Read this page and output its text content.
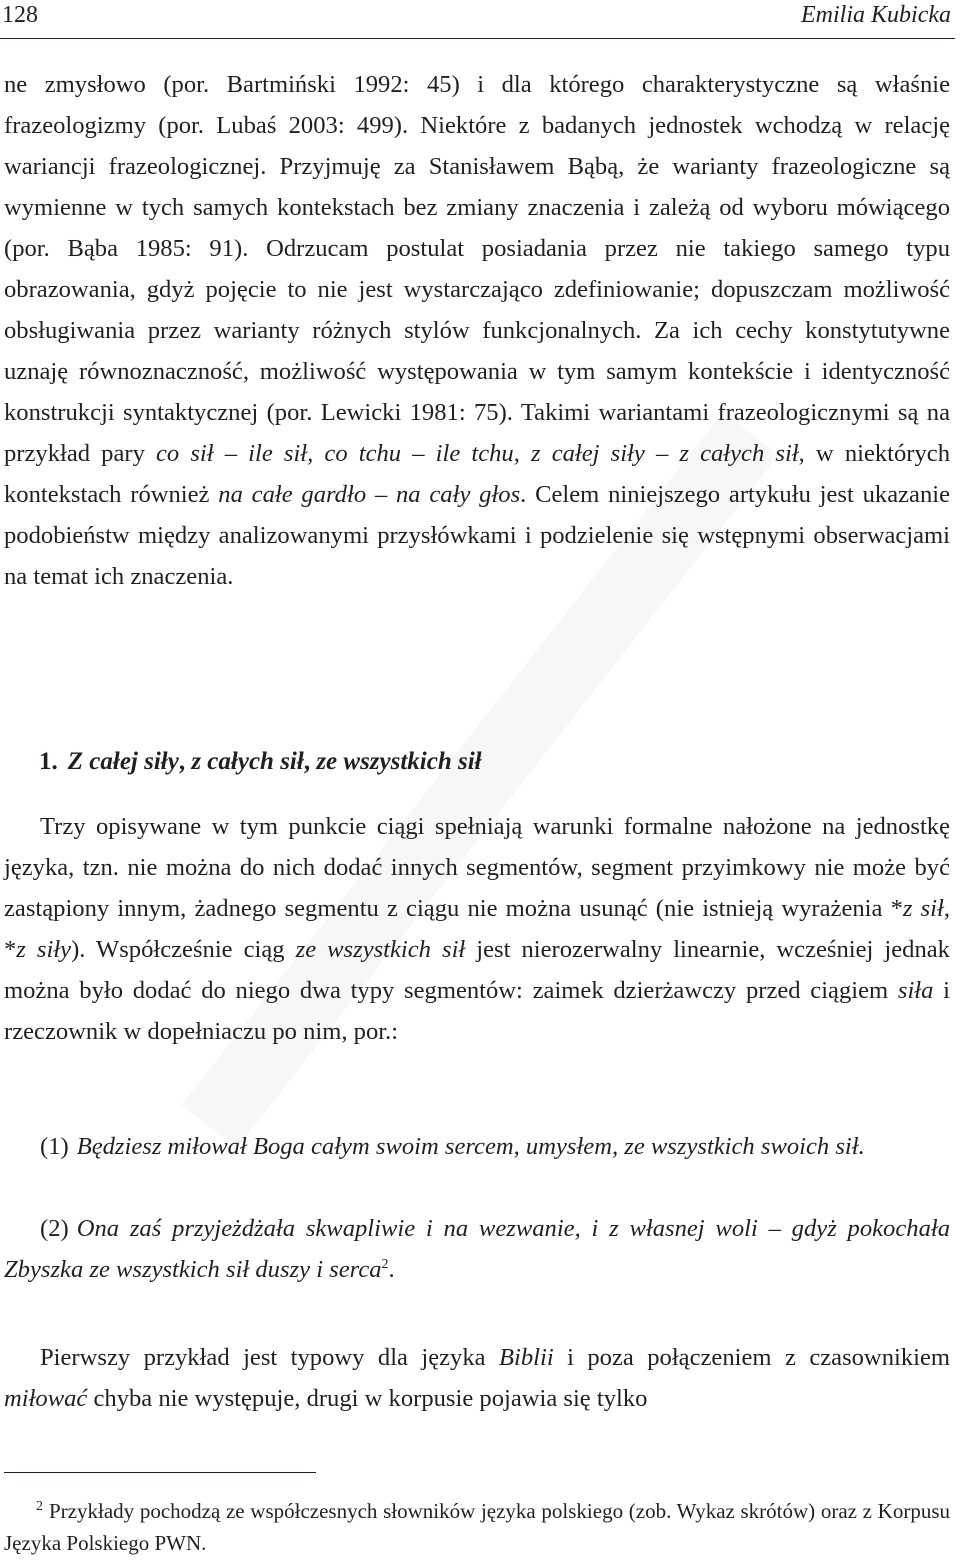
128	Emilia Kubicka
ne zmysłowo (por. Bartmiński 1992: 45) i dla którego charakterystyczne są właśnie frazeologizmy (por. Lubaś 2003: 499). Niektóre z badanych jednostek wchodzą w relację wariancji frazeologicznej. Przyjmuję za Stanisławem Bąbą, że warianty frazeologiczne są wymienne w tych samych kontekstach bez zmiany znaczenia i zależą od wyboru mówiącego (por. Bąba 1985: 91). Odrzucam postulat posiadania przez nie takiego samego typu obrazowania, gdyż pojęcie to nie jest wystarczająco zdefiniowanie; dopuszczam możliwość obsługiwania przez warianty różnych stylów funkcjonalnych. Za ich cechy konstytutywne uznaję równoznaczność, możliwość występowania w tym samym kontekście i identyczność konstrukcji syntaktycznej (por. Lewicki 1981: 75). Takimi wariantami frazeologicznymi są na przykład pary co sił – ile sił, co tchu – ile tchu, z całej siły – z całych sił, w niektórych kontekstach również na całe gardło – na cały głos. Celem niniejszego artykułu jest ukazanie podobieństw między analizowanymi przysłówkami i podzielenie się wstępnymi obserwacjami na temat ich znaczenia.
1. Z całej siły, z całych sił, ze wszystkich sił
Trzy opisywane w tym punkcie ciągi spełniają warunki formalne nałożone na jednostkę języka, tzn. nie można do nich dodać innych segmentów, segment przyimkowy nie może być zastąpiony innym, żadnego segmentu z ciągu nie można usunąć (nie istnieją wyrażenia *z sił, *z siły). Współcześnie ciąg ze wszystkich sił jest nierozerwalny linearnie, wcześniej jednak można było dodać do niego dwa typy segmentów: zaimek dzierżawczy przed ciągiem siła i rzeczownik w dopełniaczu po nim, por.:
(1) Będziesz miłował Boga całym swoim sercem, umysłem, ze wszystkich swoich sił.
(2) Ona zaś przyjeżdżała skwapliwie i na wezwanie, i z własnej woli – gdyż pokochała Zbyszka ze wszystkich sił duszy i serca$^2$.
Pierwszy przykład jest typowy dla języka Biblii i poza połączeniem z czasownikiem miłować chyba nie występuje, drugi w korpusie pojawia się tylko
$^2$ Przykłady pochodzą ze współczesnych słowników języka polskiego (zob. Wykaz skrótów) oraz z Korpusu Języka Polskiego PWN.
